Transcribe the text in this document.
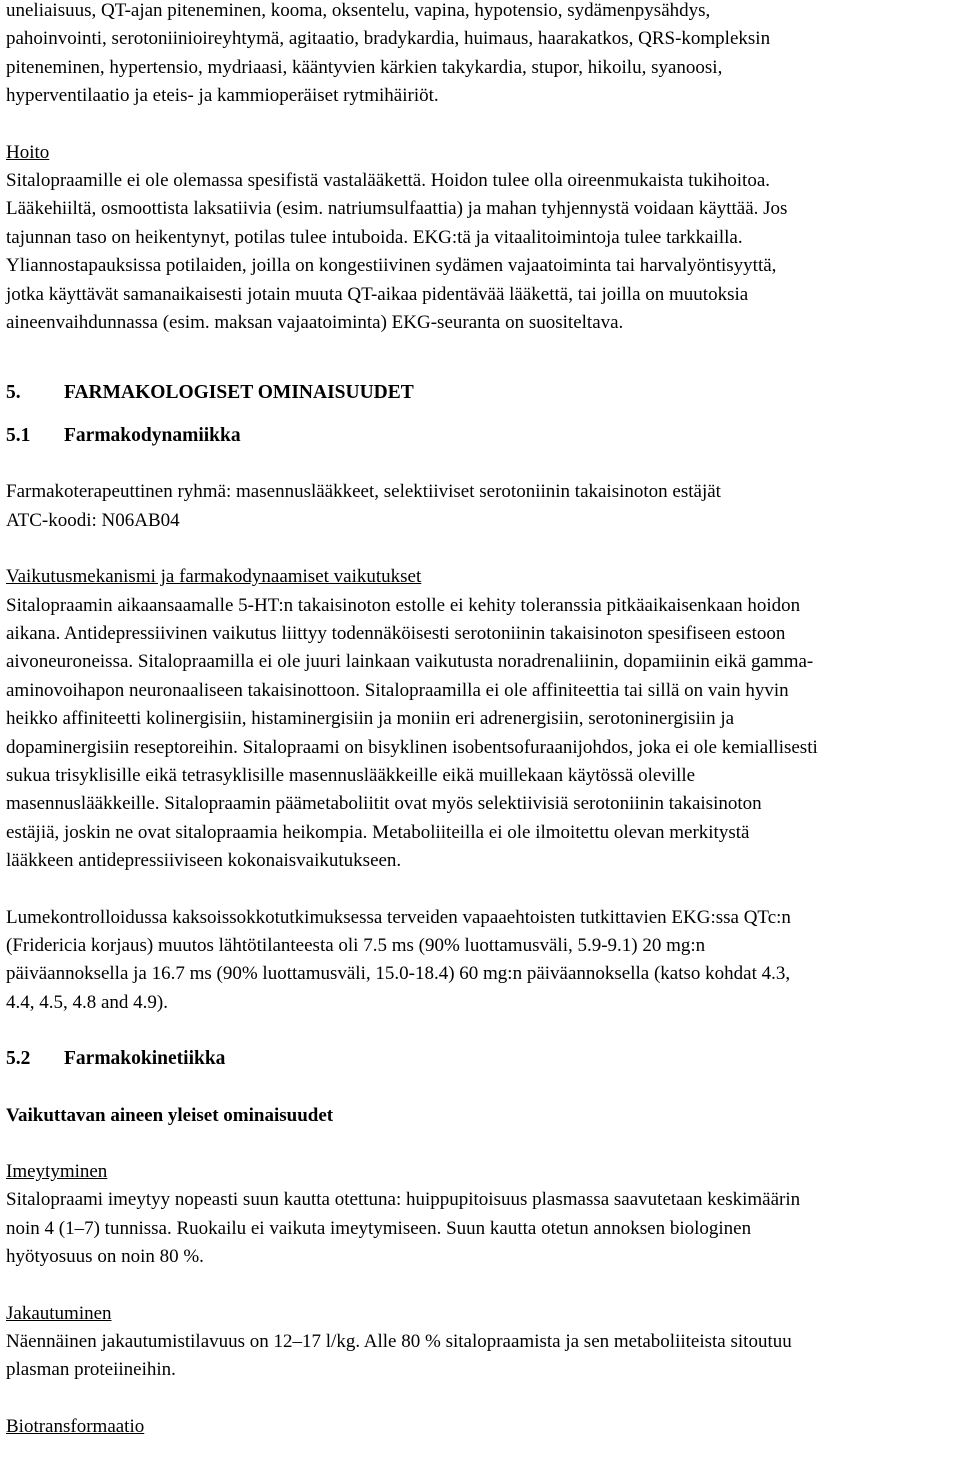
uneliaisuus, QT-ajan piteneminen, kooma, oksentelu, vapina, hypotensio, sydämenpysähdys,
pahoinvointi, serotoniinioireyhtymä, agitaatio, bradykardia, huimaus, haarakatkos, QRS-kompleksin
piteneminen, hypertensio, mydriaasi, kääntyvien kärkien takykardia, stupor, hikoilu, syanoosi,
hyperventilaatio ja eteis- ja kammioperäiset rytmihäiriöt.

Hoito

Sitalopraamille ei ole olemassa spesifistä vastalääkettä. Hoidon tulee olla oireenmukaista tukihoitoa.
Lääkehiiltä, osmoottista laksatiivia (esim. natriumsulfaattia) ja mahan tyhjennystä voidaan käyttää. Jos
tajunnan taso on heikentynyt, potilas tulee intuboida. EKG:tä ja vitaalitoimintoja tulee tarkkailla.
Yliannostapauksissa potilaiden, joilla on kongestiivinen sydämen vajaatoiminta tai harvalyöntisyyttä,
jotka käyttävät samanaikaisesti jotain muuta QT-aikaa pidentävää lääkettä, tai joilla on muutoksia
aineenvaihdunnassa (esim. maksan vajaatoiminta) EKG-seuranta on suositeltava.

5.	FARMAKOLOGISET OMINAISUUDET
5.1	Farmakodynamiikka

Farmakoterapeuttinen ryhmä: masennuslääkkeet, selektiiviset serotoniinin takaisinoton estäjät
ATC-koodi: N06AB04

Vaikutusmekanismi ja farmakodynaamiset vaikutukset

Sitalopraamin aikaansaamalle 5-HT:n takaisinoton estolle ei kehity toleranssia pitkäaikaisenkaan hoidon
aikana. Antidepressiivinen vaikutus liittyy todennäköisesti serotoniinin takaisinoton spesifiseen estoon
aivoneuroneissa. Sitalopraamilla ei ole juuri lainkaan vaikutusta noradrenaliinin, dopamiinin eikä gamma-
aminovoihapon neuronaaliseen takaisinottoon. Sitalopraamilla ei ole affiniteettia tai sillä on vain hyvin
heikko affiniteetti kolinergisiin, histaminergisiin ja moniin eri adrenergisiin, serotoninergisiin ja
dopaminergisiin reseptoreihin. Sitalopraami on bisyklinen isobentsofuraanijohdos, joka ei ole kemiallisesti
sukua trisyklisille eikä tetrasyklisille masennuslääkkeille eikä muillekaan käytössä oleville
masennuslääkkeille. Sitalopraamin päämetaboliitit ovat myös selektiivisiä serotoniinin takaisinoton
estäjiä, joskin ne ovat sitalopraamia heikompia. Metaboliiteilla ei ole ilmoitettu olevan merkitystä
lääkkeen antidepressiiviseen kokonaisvaikutukseen.

Lumekontrolloidussa kaksoissokkotutkimuksessa terveiden vapaaehtoisten tutkittavien EKG:ssa QTc:n
(Fridericia korjaus) muutos lähtötilanteesta oli 7.5 ms (90% luottamusväli, 5.9-9.1) 20 mg:n
päiväannoksella ja 16.7 ms (90% luottamusväli, 15.0-18.4) 60 mg:n päiväannoksella (katso kohdat 4.3,
4.4, 4.5, 4.8 and 4.9).

5.2	Farmakokinetiikka

Vaikuttavan aineen yleiset ominaisuudet

Imeytyminen

Sitalopraami imeytyy nopeasti suun kautta otettuna: huippupitoisuus plasmassa saavutetaan keskimäärin
noin 4 (1–7) tunnissa. Ruokailu ei vaikuta imeytymiseen. Suun kautta otetun annoksen biologinen
hyötyosuus on noin 80 %.

Jakautuminen

Näennäinen jakautumistilavuus on 12–17 l/kg. Alle 80 % sitalopraamista ja sen metaboliiteista sitoutuu
plasman proteiineihin.

Biotransformaatio
